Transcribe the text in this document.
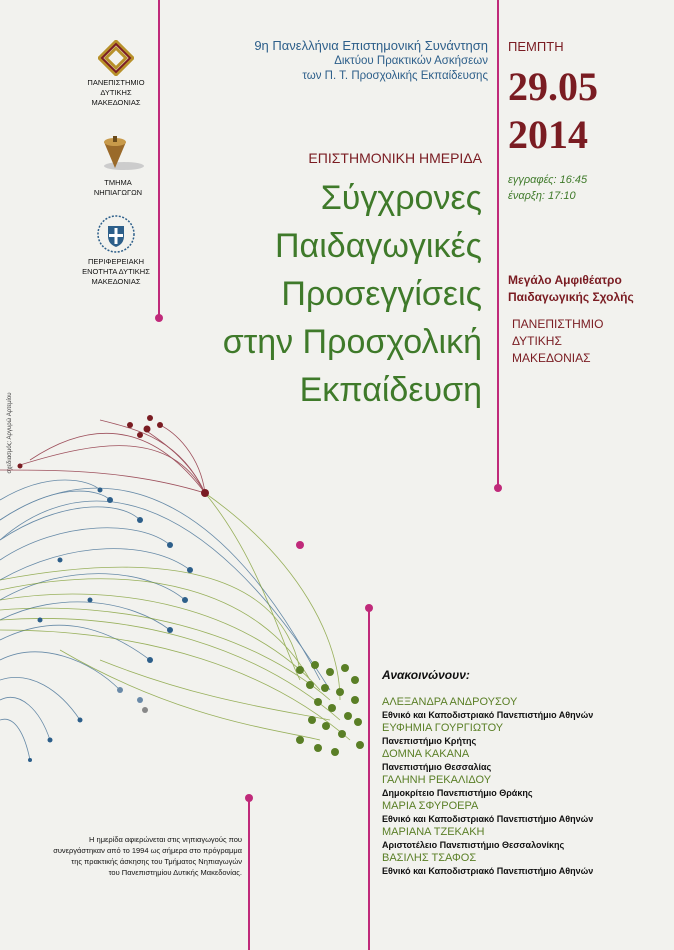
ΠΑΝΕΠΙΣΤΗΜΙΟ ΔΥΤΙΚΗΣ ΜΑΚΕΔΟΝΙΑΣ
ΤΜΗΜΑ ΝΗΠΙΑΓΩΓΩΝ
ΠΕΡΙΦΕΡΕΙΑΚΗ ΕΝΟΤΗΤΑ ΔΥΤΙΚΗΣ ΜΑΚΕΔΟΝΙΑΣ
9η Πανελλήνια Επιστημονική Συνάντηση
Δικτύου Πρακτικών Ασκήσεων
των Π. Τ. Προσχολικής Εκπαίδευσης
ΕΠΙΣΤΗΜΟΝΙΚΗ ΗΜΕΡΙΔΑ
Σύγχρονες
Παιδαγωγικές
Προσεγγίσεις
στην Προσχολική
Εκπαίδευση
ΠΕΜΠΤΗ
29.05
2014
εγγραφές: 16:45
έναρξη: 17:10
Μεγάλο Αμφιθέατρο
Παιδαγωγικής Σχολής
ΠΑΝΕΠΙΣΤΗΜΙΟ
ΔΥΤΙΚΗΣ
ΜΑΚΕΔΟΝΙΑΣ
σχεδιασμός: Αργυρώ Αρτεμίου
Ανακοινώνουν:
ΑΛΕΞΑΝΔΡΑ ΑΝΔΡΟΥΣΟΥ
Εθνικό και Καποδιστριακό Πανεπιστήμιο Αθηνών
ΕΥΦΗΜΙΑ ΓΟΥΡΓΙΩΤΟΥ
Πανεπιστήμιο Κρήτης
ΔΟΜΝΑ ΚΑΚΑΝΑ
Πανεπιστήμιο Θεσσαλίας
ΓΑΛΗΝΗ ΡΕΚΑΛΙΔΟΥ
Δημοκρίτειο Πανεπιστήμιο Θράκης
ΜΑΡΙΑ ΣΦΥΡΟΕΡΑ
Εθνικό και Καποδιστριακό Πανεπιστήμιο Αθηνών
ΜΑΡΙΑΝΑ ΤΖΕΚΑΚΗ
Αριστοτέλειο Πανεπιστήμιο Θεσσαλονίκης
ΒΑΣΙΛΗΣ ΤΣΑΦΟΣ
Εθνικό και Καποδιστριακό Πανεπιστήμιο Αθηνών
Η ημερίδα αφιερώνεται στις νηπιαγωγούς που
συνεργάστηκαν από το 1994 ως σήμερα στο πρόγραμμα
της πρακτικής άσκησης του Τμήματος Νηπιαγωγών
του Πανεπιστημίου Δυτικής Μακεδονίας.
